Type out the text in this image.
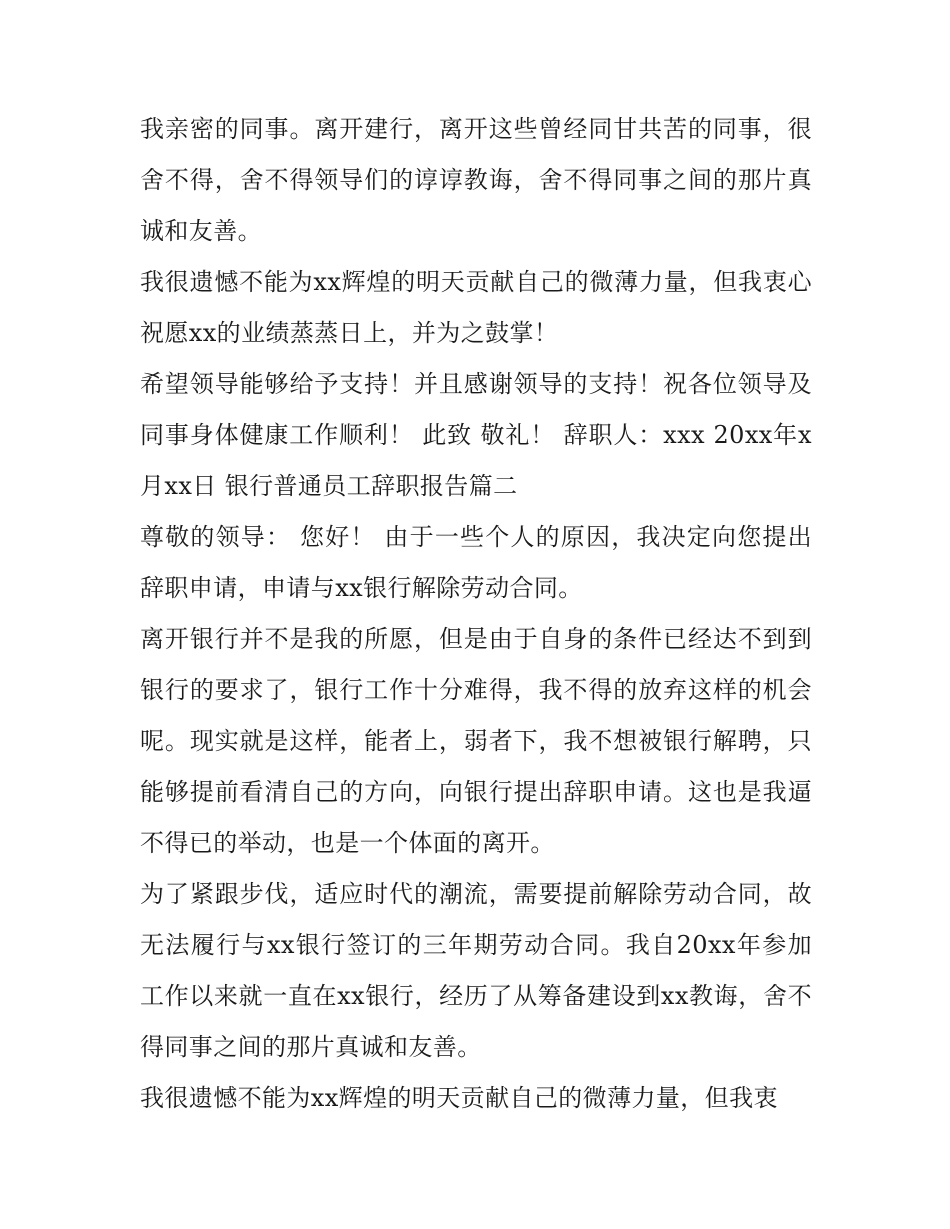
我亲密的同事。离开建行，离开这些曾经同甘共苦的同事，很舍不得，舍不得领导们的谆谆教诲，舍不得同事之间的那片真诚和友善。

我很遗憾不能为xx辉煌的明天贡献自己的微薄力量，但我衷心祝愿xx的业绩蒸蒸日上，并为之鼓掌！

希望领导能够给予支持！并且感谢领导的支持！祝各位领导及同事身体健康工作顺利！ 此致 敬礼！ 辞职人：xxx 20xx年x月xx日 银行普通员工辞职报告篇二

尊敬的领导： 您好！ 由于一些个人的原因，我决定向您提出辞职申请，申请与xx银行解除劳动合同。

离开银行并不是我的所愿，但是由于自身的条件已经达不到到银行的要求了，银行工作十分难得，我不得的放弃这样的机会呢。现实就是这样，能者上，弱者下，我不想被银行解聘，只能够提前看清自己的方向，向银行提出辞职申请。这也是我逼不得已的举动，也是一个体面的离开。

为了紧跟步伐，适应时代的潮流，需要提前解除劳动合同，故无法履行与xx银行签订的三年期劳动合同。我自20xx年参加工作以来就一直在xx银行，经历了从筹备建设到xx教诲，舍不得同事之间的那片真诚和友善。

我很遗憾不能为xx辉煌的明天贡献自己的微薄力量，但我衷
